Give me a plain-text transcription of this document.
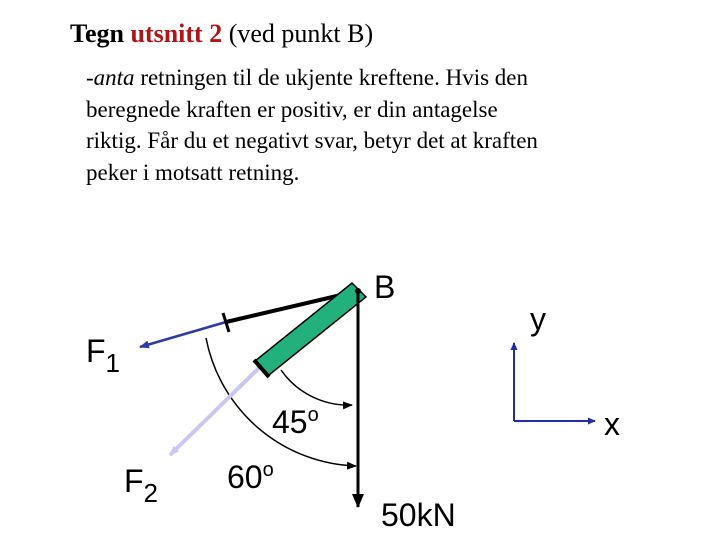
Tegn utsnitt 2 (ved punkt B)

-anta retningen til de ukjente kreftene. Hvis den

beregnede kraften er positiv, er din antagelse

riktig. Får du et negativt svar, betyr det at kraften

peker i motsatt retning.

B
$F_1$
$F_2$
45$^o$
60$^o$
50kN
y
x
